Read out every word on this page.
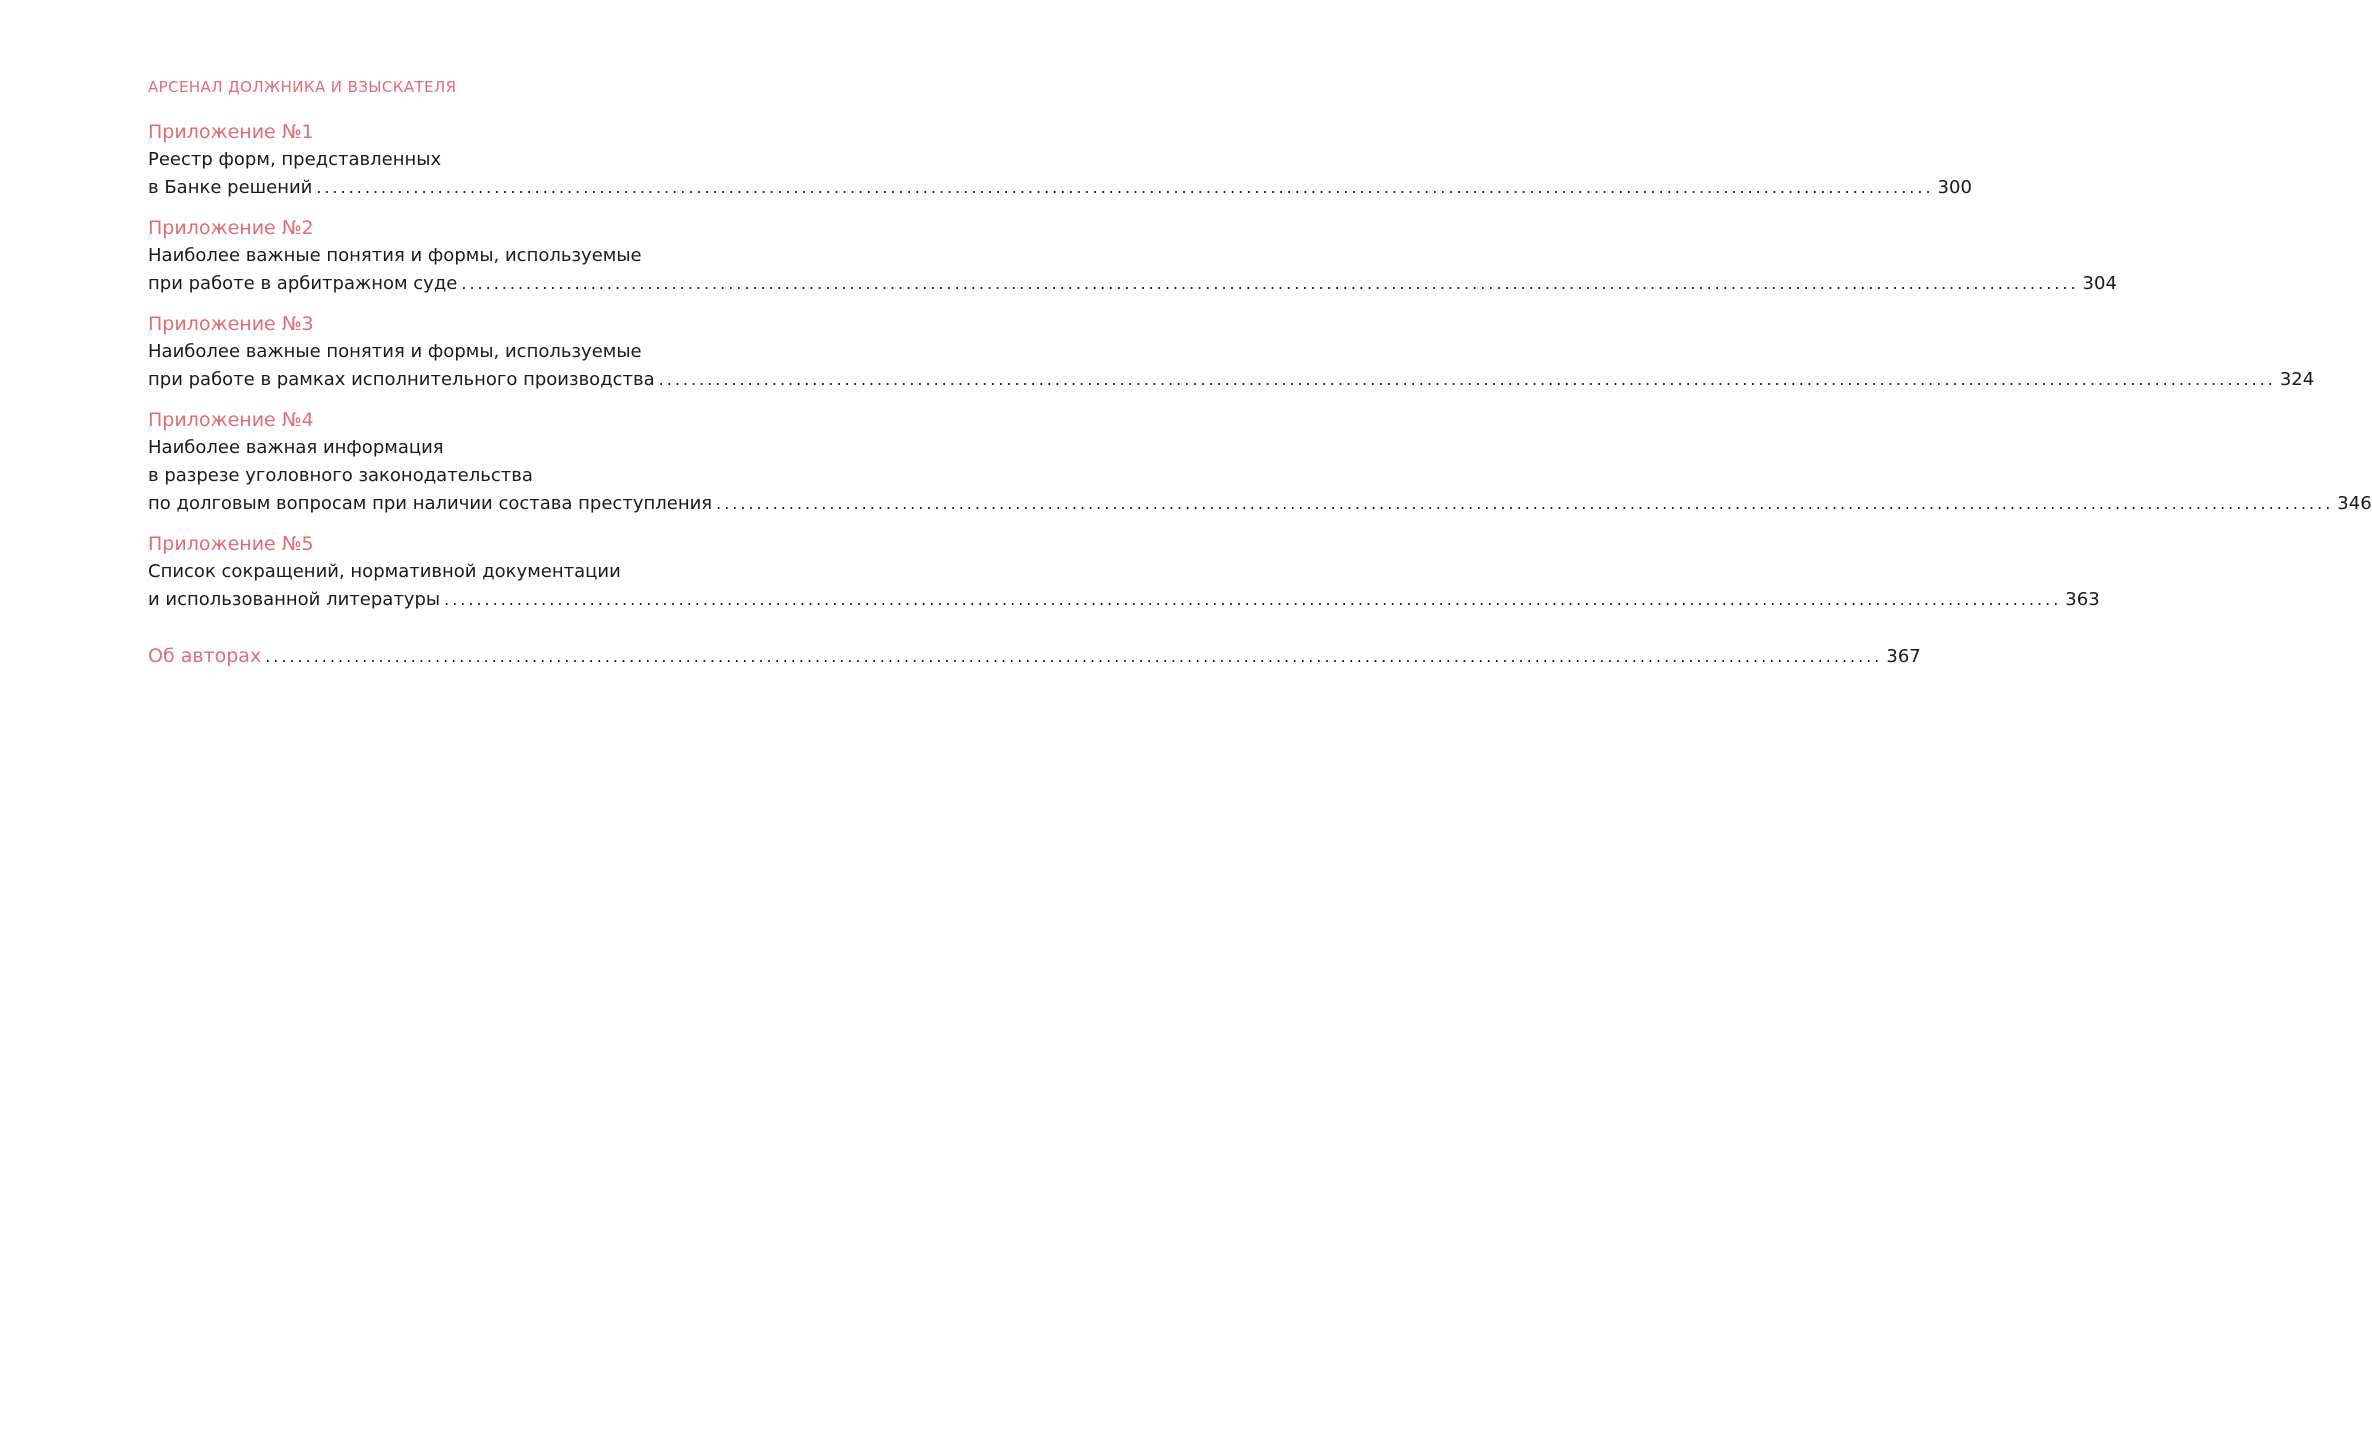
АРСЕНАЛ ДОЛЖНИКА И ВЗЫСКАТЕЛЯ
Приложение №1
Реестр форм, представленных
в Банке решений ........................................................................................................................................................................................................ 300
Приложение №2
Наиболее важные понятия и формы, используемые
при работе в арбитражном суде ........................................................................................................................................................................................................ 304
Приложение №3
Наиболее важные понятия и формы, используемые
при работе в рамках исполнительного производства ........................................................................................................................................................................................................ 324
Приложение №4
Наиболее важная информация
в разрезе уголовного законодательства
по долговым вопросам при наличии состава преступления ........................................................................................................................................................................................................ 346
Приложение №5
Список сокращений, нормативной документации
и использованной литературы ........................................................................................................................................................................................................ 363
Об авторах ........................................................................................................................................................................................................ 367
